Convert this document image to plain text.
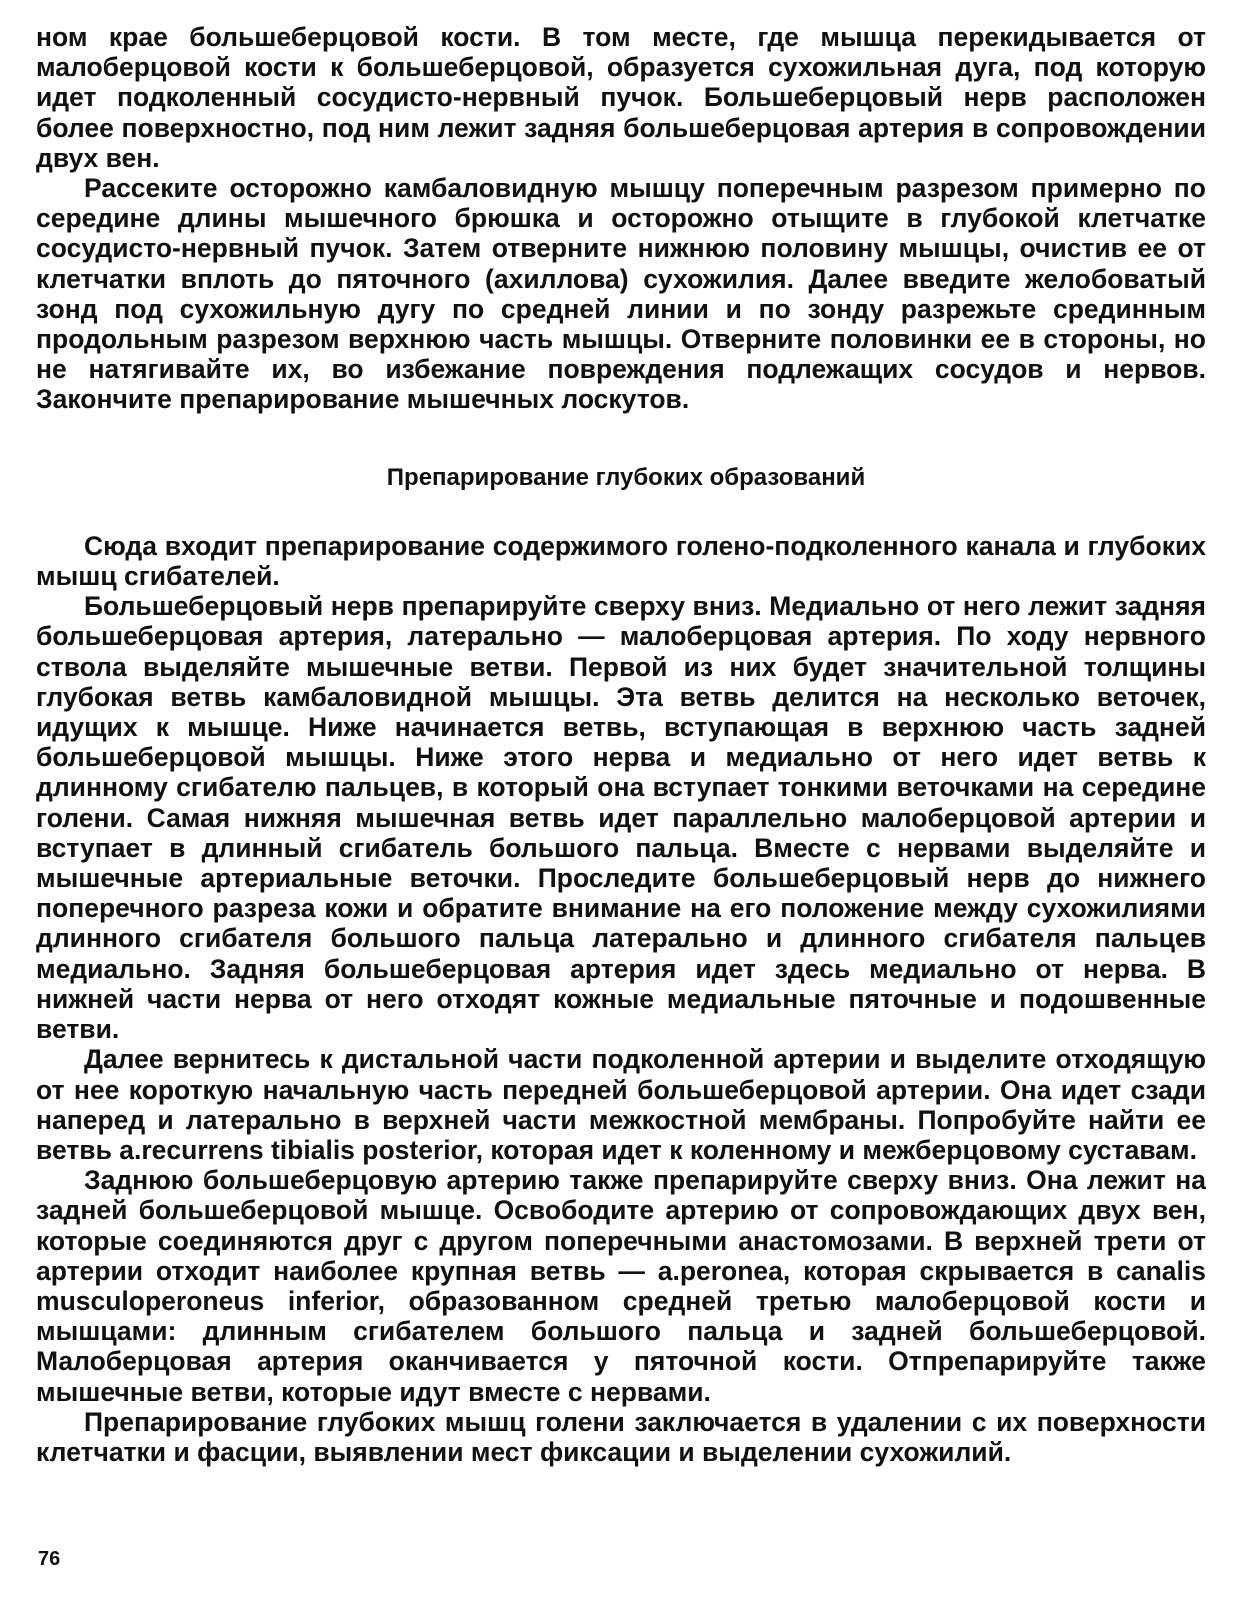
ном крае большеберцовой кости. В том месте, где мышца перекидывается от малоберцовой кости к большеберцовой, образуется сухожильная дуга, под которую идет подколенный сосудисто-нервный пучок. Большеберцовый нерв расположен более поверхностно, под ним лежит задняя большеберцовая артерия в сопровождении двух вен.

Рассеките осторожно камбаловидную мышцу поперечным разрезом примерно по середине длины мышечного брюшка и осторожно отыщите в глубокой клетчатке сосудисто-нервный пучок. Затем отверните нижнюю половину мышцы, очистив ее от клетчатки вплоть до пяточного (ахиллова) сухожилия. Далее введите желобоватый зонд под сухожильную дугу по средней линии и по зонду разрежьте срединным продольным разрезом верхнюю часть мышцы. Отверните половинки ее в стороны, но не натягивайте их, во избежание повреждения подлежащих сосудов и нервов. Закончите препарирование мышечных лоскутов.

Препарирование глубоких образований

Сюда входит препарирование содержимого голено-подколенного канала и глубоких мышц сгибателей.

Большеберцовый нерв препарируйте сверху вниз. Медиально от него лежит задняя большеберцовая артерия, латерально — малоберцовая артерия. По ходу нервного ствола выделяйте мышечные ветви. Первой из них будет значительной толщины глубокая ветвь камбаловидной мышцы. Эта ветвь делится на несколько веточек, идущих к мышце. Ниже начинается ветвь, вступающая в верхнюю часть задней большеберцовой мышцы. Ниже этого нерва и медиально от него идет ветвь к длинному сгибателю пальцев, в который она вступает тонкими веточками на середине голени. Самая нижняя мышечная ветвь идет параллельно малоберцовой артерии и вступает в длинный сгибатель большого пальца. Вместе с нервами выделяйте и мышечные артериальные веточки. Проследите большеберцовый нерв до нижнего поперечного разреза кожи и обратите внимание на его положение между сухожилиями длинного сгибателя большого пальца латерально и длинного сгибателя пальцев медиально. Задняя большеберцовая артерия идет здесь медиально от нерва. В нижней части нерва от него отходят кожные медиальные пяточные и подошвенные ветви.

Далее вернитесь к дистальной части подколенной артерии и выделите отходящую от нее короткую начальную часть передней большеберцовой артерии. Она идет сзади наперед и латерально в верхней части межкостной мембраны. Попробуйте найти ее ветвь a.recurrens tibialis posterior, которая идет к коленному и межберцовому суставам.

Заднюю большеберцовую артерию также препарируйте сверху вниз. Она лежит на задней большеберцовой мышце. Освободите артерию от сопровождающих двух вен, которые соединяются друг с другом поперечными анастомозами. В верхней трети от артерии отходит наиболее крупная ветвь — a.peronea, которая скрывается в canalis musculoperoneus inferior, образованном средней третью малоберцовой кости и мышцами: длинным сгибателем большого пальца и задней большеберцовой. Малоберцовая артерия оканчивается у пяточной кости. Отпрепарируйте также мышечные ветви, которые идут вместе с нервами.

Препарирование глубоких мышц голени заключается в удалении с их поверхности клетчатки и фасции, выявлении мест фиксации и выделении сухожилий.

76
